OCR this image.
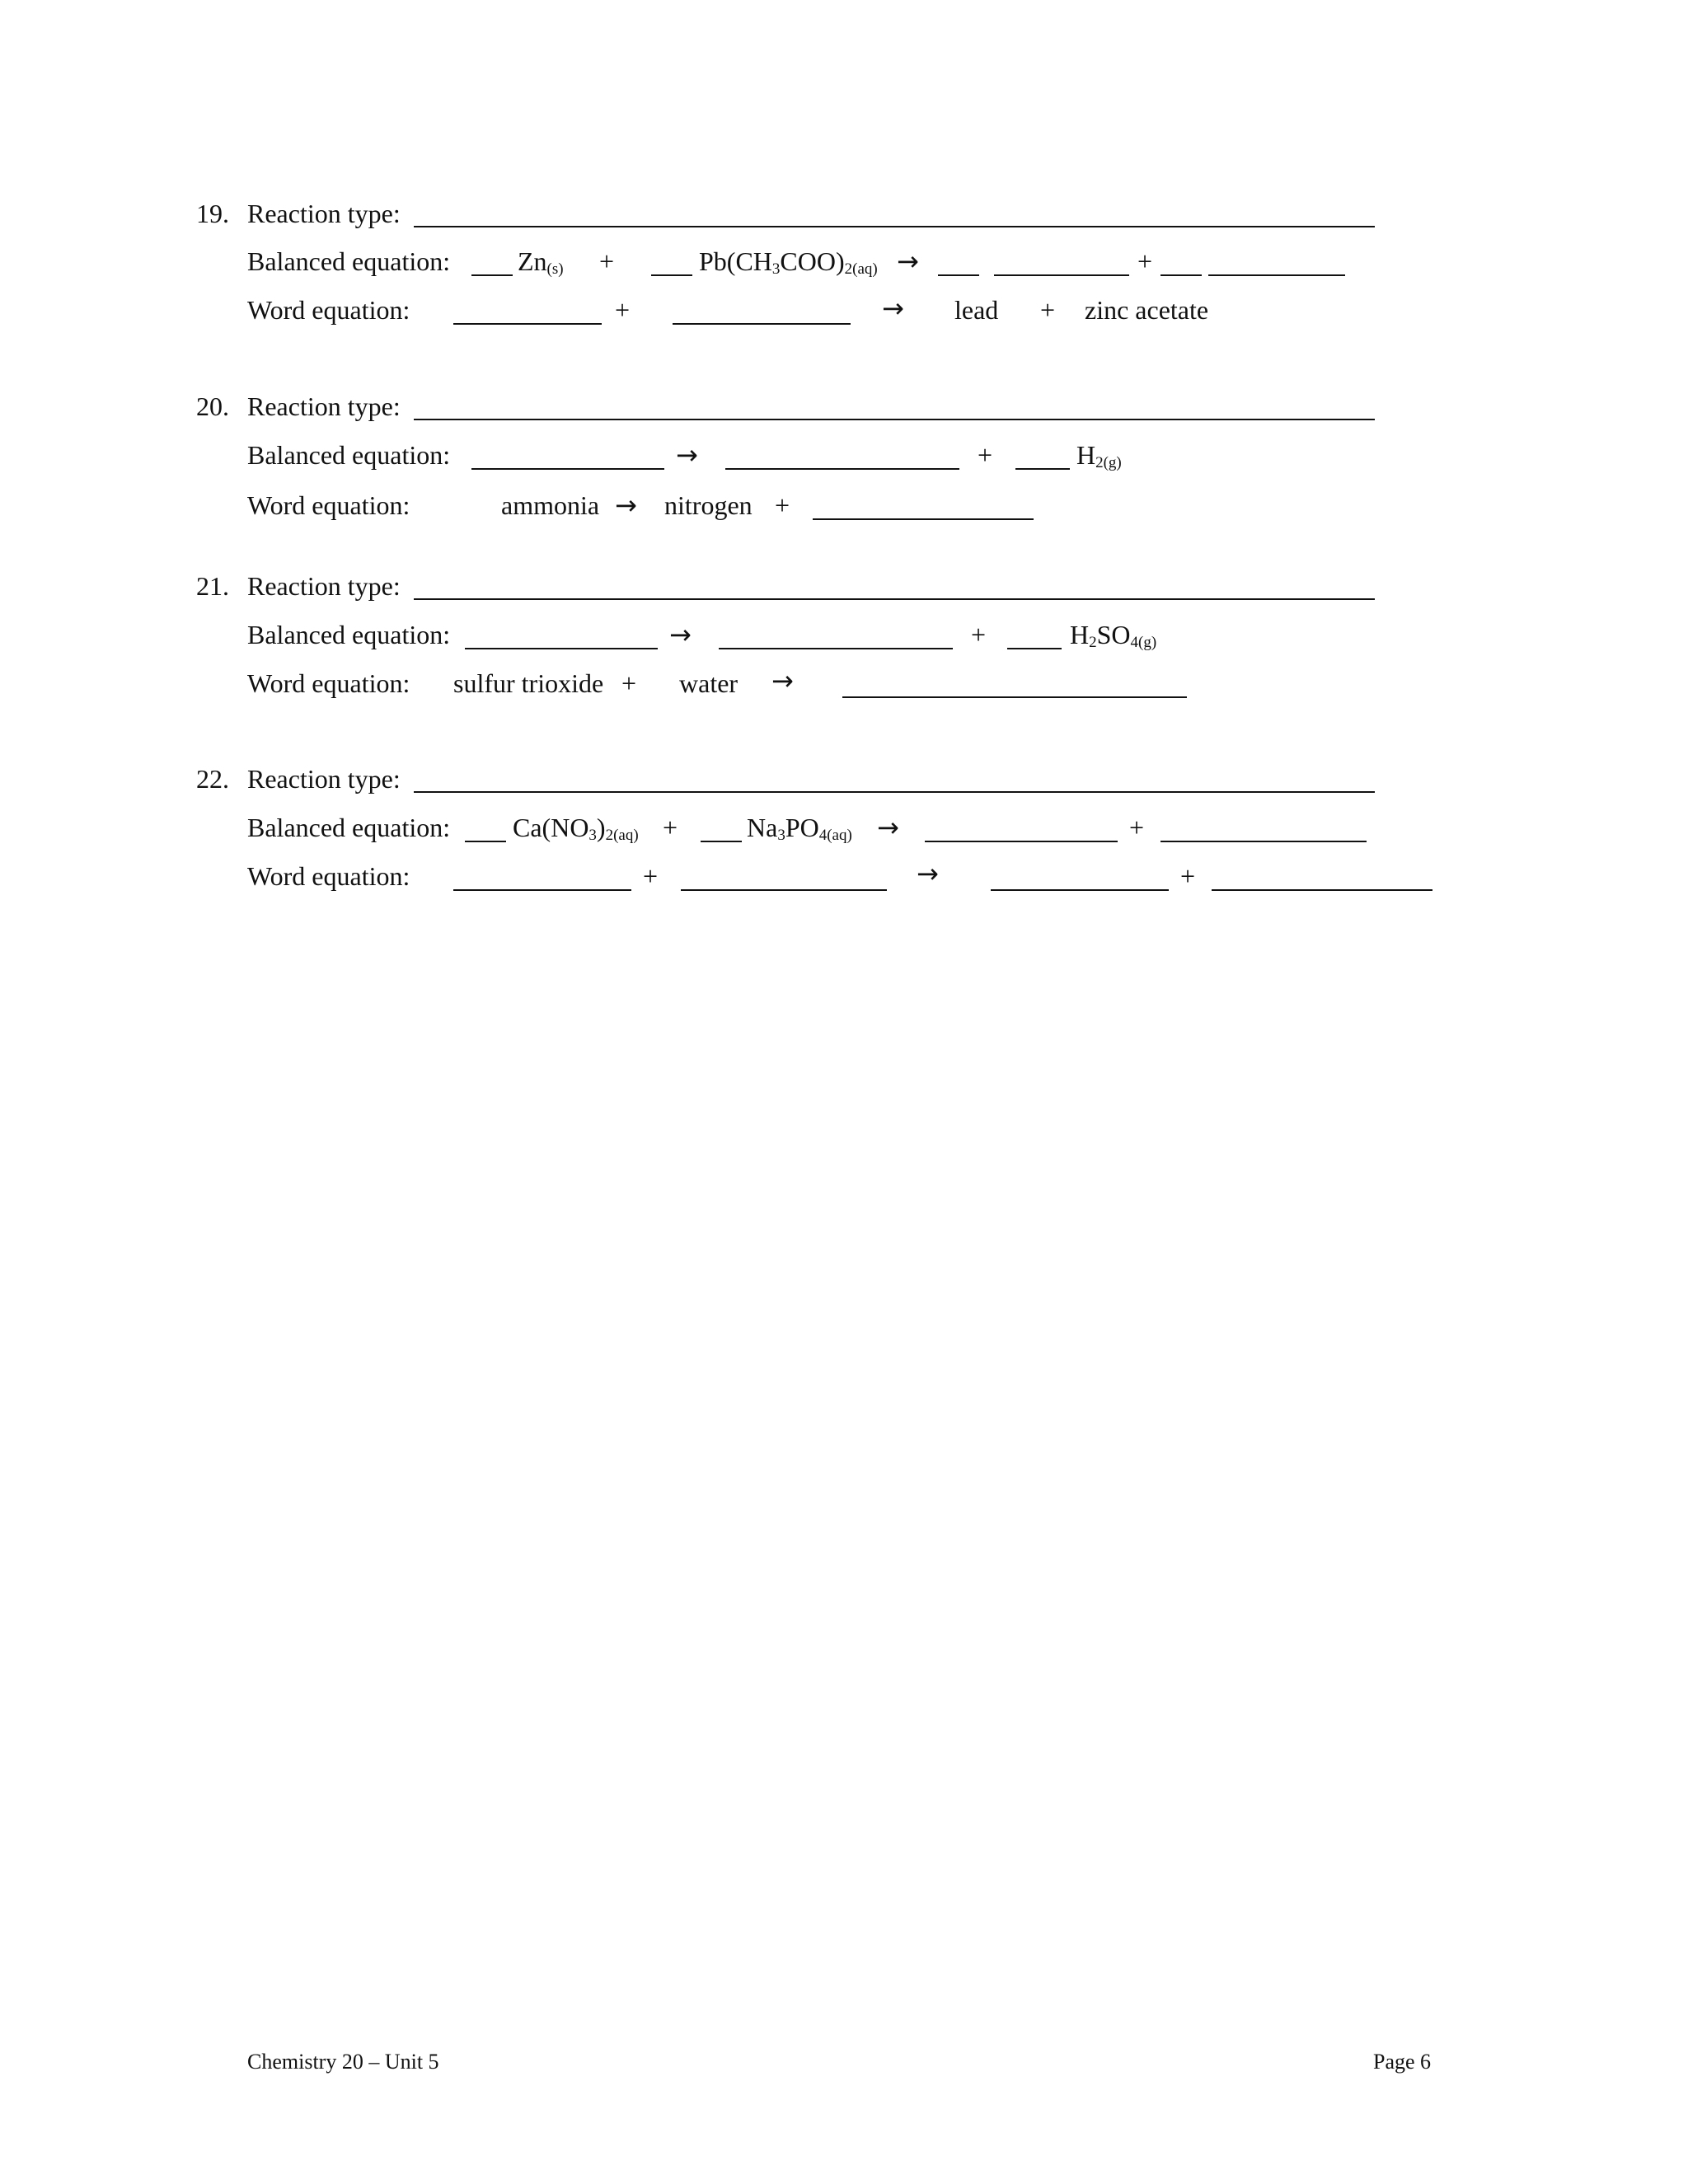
19. Reaction type:
Balanced equation:	$Zn_{(s)}$ +	$Pb(CH_3COO)_{2(aq)}$ →	+
Word equation:	+	→ lead + zinc acetate
20. Reaction type:
Balanced equation:	→	+	$H_{2(g)}$
Word equation:	ammonia → nitrogen +
21. Reaction type:
Balanced equation:	→	+	$H_2SO_{4(g)}$
Word equation: sulfur trioxide + water →
22. Reaction type:
Balanced equation: $Ca(NO_3)_{2(aq)}$ +	$Na_3PO_{4(aq)}$ →	+
Word equation:	+	→	+
Chemistry 20 – Unit 5	Page 6
